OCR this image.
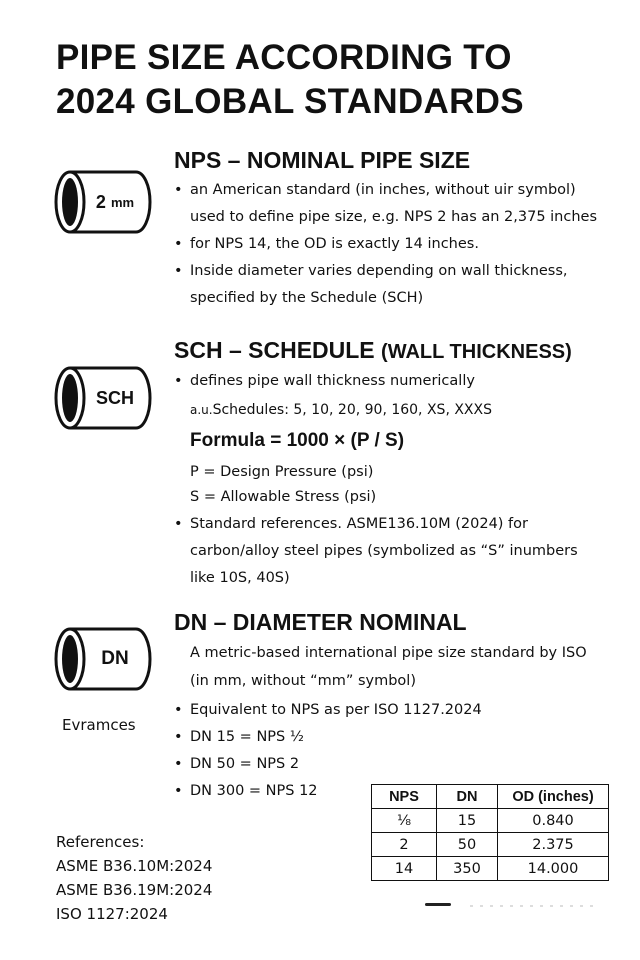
PIPE SIZE ACCORDING TO
2024 GLOBAL STANDARDS
2
mm
NPS – NOMINAL PIPE SIZE
• an American standard (in inches, without uir symbol)
used to define pipe size, e.g. NPS 2 has an 2,375 inches
• for NPS 14, the OD is exactly 14 inches.
• Inside diameter varies depending on wall thickness,
specified by the Schedule (SCH)
SCH
SCH – SCHEDULE (WALL THICKNESS)
• defines pipe wall thickness numerically
a.u.Schedules: 5, 10, 20, 90, 160, XS, XXXS
Formula = 1000 × (P / S)
P = Design Pressure (psi)
S = Allowable Stress (psi)
• Standard references. ASME136.10M (2024) for
carbon/alloy steel pipes (symbolized as “S” inumbers
like 10S, 40S)
DN
Evramces
DN – DIAMETER NOMINAL
A metric-based international pipe size standard by ISO
(in mm, without “mm” symbol)
• Equivalent to NPS as per ISO 1127.2024
• DN 15 = NPS ½
• DN 50 = NPS 2
• DN 300 = NPS 12	NPS	DN	OD (inches)
⅛	15	0.840
2	50	2.375
14	350	14.000
References:
ASME B36.10M:2024
ASME B36.19M:2024
ISO 1127:2024
